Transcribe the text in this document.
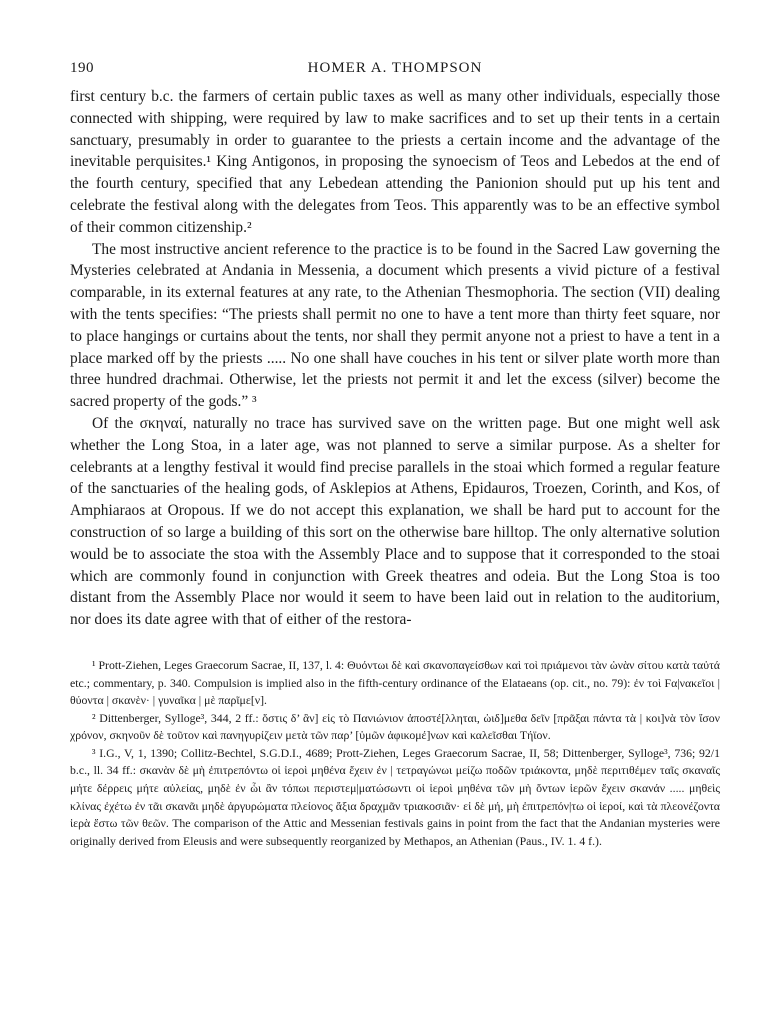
190	HOMER A. THOMPSON

first century b.c. the farmers of certain public taxes as well as many other individuals, especially those connected with shipping, were required by law to make sacrifices and to set up their tents in a certain sanctuary, presumably in order to guarantee to the priests a certain income and the advantage of the inevitable perquisites.¹ King Antigonos, in proposing the synoecism of Teos and Lebedos at the end of the fourth century, specified that any Lebedean attending the Panionion should put up his tent and celebrate the festival along with the delegates from Teos. This apparently was to be an effective symbol of their common citizenship.²

The most instructive ancient reference to the practice is to be found in the Sacred Law governing the Mysteries celebrated at Andania in Messenia, a document which presents a vivid picture of a festival comparable, in its external features at any rate, to the Athenian Thesmophoria. The section (VII) dealing with the tents specifies: “The priests shall permit no one to have a tent more than thirty feet square, nor to place hangings or curtains about the tents, nor shall they permit anyone not a priest to have a tent in a place marked off by the priests ..... No one shall have couches in his tent or silver plate worth more than three hundred drachmai. Otherwise, let the priests not permit it and let the excess (silver) become the sacred property of the gods.” ³

Of the σκηναί, naturally no trace has survived save on the written page. But one might well ask whether the Long Stoa, in a later age, was not planned to serve a similar purpose. As a shelter for celebrants at a lengthy festival it would find precise parallels in the stoai which formed a regular feature of the sanctuaries of the healing gods, of Asklepios at Athens, Epidauros, Troezen, Corinth, and Kos, of Amphiaraos at Oropous. If we do not accept this explanation, we shall be hard put to account for the construction of so large a building of this sort on the otherwise bare hilltop. The only alternative solution would be to associate the stoa with the Assembly Place and to suppose that it corresponded to the stoai which are commonly found in conjunction with Greek theatres and odeia. But the Long Stoa is too distant from the Assembly Place nor would it seem to have been laid out in relation to the auditorium, nor does its date agree with that of either of the restora-

¹ Prott-Ziehen, Leges Graecorum Sacrae, II, 137, l. 4: Θυόντωι δὲ καὶ σκανοπαγείσθων καὶ τοὶ πριάμενοι τὰν ὠνὰν σίτου κατὰ ταὐτά etc.; commentary, p. 340. Compulsion is implied also in the fifth-century ordinance of the Elataeans (op. cit., no. 79): ἐν τοὶ Ϝα|νακεῖοι | θύοντα | σκανὲν· | γυναῖκα | μὲ παρῖμε[ν].

² Dittenberger, Sylloge³, 344, 2 ff.: ὅστις δ’ ἂν] εἰς τὸ Πανιώνιον ἀποστέ[λληται, ὡιδ]μεθα δεῖν [πρᾶξαι πάντα τὰ | κοι]νὰ τὸν ἴσον χρόνον, σκηνοῦν δὲ τοῦτον καὶ πανηγυρίζειν μετὰ τῶν παρ’ [ὑμῶν ἀφικομέ]νων καὶ καλεῖσθαι Τήϊον.

³ I.G., V, 1, 1390; Collitz-Bechtel, S.G.D.I., 4689; Prott-Ziehen, Leges Graecorum Sacrae, II, 58; Dittenberger, Sylloge³, 736; 92/1 b.c., ll. 34 ff.: σκανὰν δὲ μὴ ἐπιτρεπόντω οἱ ἱεροὶ μηθένα ἔχειν ἐν | τετραγώνωι μείζω ποδῶν τριάκοντα, μηδὲ περιτιθέμεν ταῖς σκαναῖς μήτε δέρρεις μήτε αὐλείας, μηδὲ ἐν ὧι ἂν τόπωι περιστεμ|ματώσωντι οἱ ἱεροὶ μηθένα τῶν μὴ ὄντων ἱερῶν ἔχειν σκανάν ..... μηθεὶς κλίνας ἐχέτω ἐν τᾶι σκανᾶι μηδὲ ἀργυρώματα πλείονος ἄξια δραχμᾶν τριακοσιᾶν· εἰ δὲ μή, μὴ ἐπιτρεπόν|τω οἱ ἱεροί, καὶ τὰ πλεονέζοντα ἱερὰ ἔστω τῶν θεῶν. The comparison of the Attic and Messenian festivals gains in point from the fact that the Andanian mysteries were originally derived from Eleusis and were subsequently reorganized by Methapos, an Athenian (Paus., IV. 1. 4 f.).
